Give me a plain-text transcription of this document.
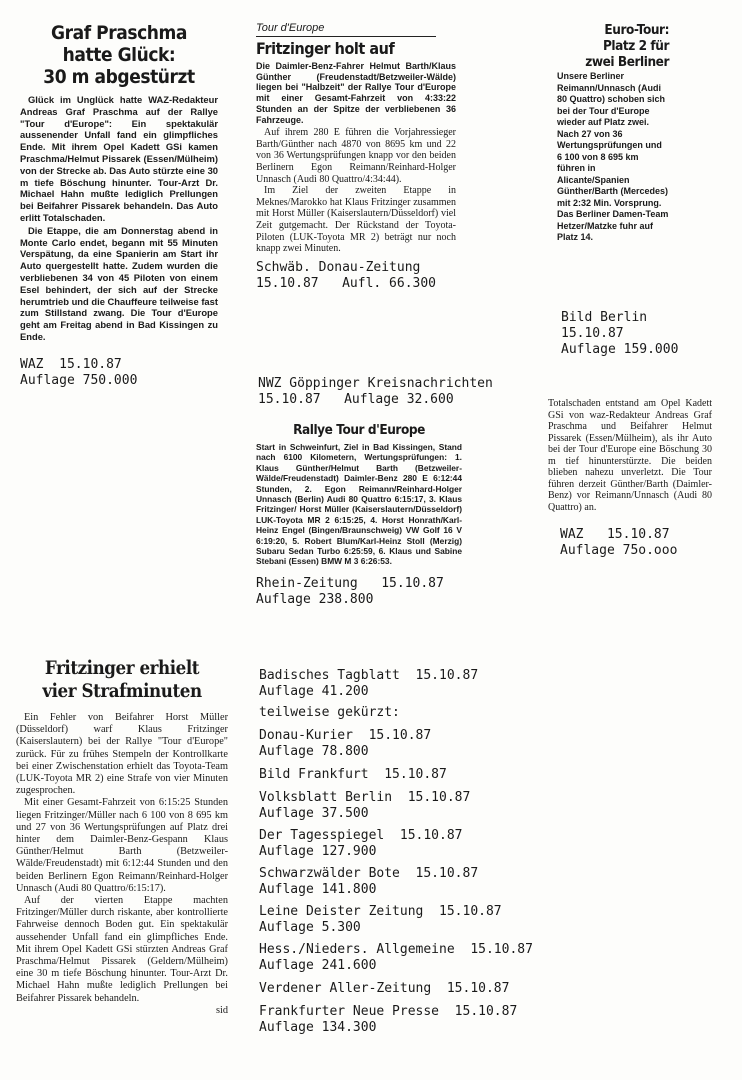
Graf Praschma
hatte Glück:
30 m abgestürzt

Glück im Unglück hatte WAZ-Redakteur Andreas Graf Praschma auf der Rallye "Tour d'Europe": Ein spektakulär aussenender Unfall fand ein glimpfliches Ende. Mit ihrem Opel Kadett GSi kamen Praschma/Helmut Pissarek (Essen/Mülheim) von der Strecke ab. Das Auto stürzte eine 30 m tiefe Böschung hinunter. Tour-Arzt Dr. Michael Hahn mußte lediglich Prellungen bei Beifahrer Pissarek behandeln. Das Auto erlitt Totalschaden.

Die Etappe, die am Donnerstag abend in Monte Carlo endet, begann mit 55 Minuten Verspätung, da eine Spanierin am Start ihr Auto quergestellt hatte. Zudem wurden die verbliebenen 34 von 45 Piloten von einem Esel behindert, der sich auf der Strecke herumtrieb und die Chauffeure teilweise fast zum Stillstand zwang. Die Tour d'Europe geht am Freitag abend in Bad Kissingen zu Ende.

WAZ  15.10.87
Auflage 750.000
Tour d'Europe
Fritzinger holt auf

Die Daimler-Benz-Fahrer Helmut Barth/Klaus Günther (Freudenstadt/Betzweiler-Wälde) liegen bei "Halbzeit" der Rallye Tour d'Europe mit einer Gesamt-Fahrzeit von 4:33:22 Stunden an der Spitze der verbliebenen 36 Fahrzeuge.

Auf ihrem 280 E führen die Vorjahressieger Barth/Günther nach 4870 von 8695 km und 22 von 36 Wertungsprüfungen knapp vor den beiden Berlinern Egon Reimann/Reinhard-Holger Unnasch (Audi 80 Quattro/4:34:44).

Im Ziel der zweiten Etappe in Meknes/Marokko hat Klaus Fritzinger zusammen mit Horst Müller (Kaiserslautern/Düsseldorf) viel Zeit gutgemacht. Der Rückstand der Toyota-Piloten (LUK-Toyota MR 2) beträgt nur noch knapp zwei Minuten.

Schwäb. Donau-Zeitung
15.10.87   Aufl. 66.300
NWZ Göppinger Kreisnachrichten
15.10.87   Auflage 32.600
Euro-Tour:
Platz 2 für
zwei Berliner

Unsere Berliner Reimann/Unnasch (Audi 80 Quattro) schoben sich bei der Tour d'Europe wieder auf Platz zwei. Nach 27 von 36 Wertungsprüfungen und 6 100 von 8 695 km führen in Alicante/Spanien Günther/Barth (Mercedes) mit 2:32 Min. Vorsprung. Das Berliner Damen-Team Hetzer/Matzke fuhr auf Platz 14.

Bild Berlin
15.10.87
Auflage 159.000

Totalschaden entstand am Opel Kadett GSi von waz-Redakteur Andreas Graf Praschma und Beifahrer Helmut Pissarek (Essen/Mülheim), als ihr Auto bei der Tour d'Europe eine Böschung 30 m tief hinunterstürzte. Die beiden blieben nahezu unverletzt. Die Tour führen derzeit Günther/Barth (Daimler-Benz) vor Reimann/Unnasch (Audi 80 Quattro) an.

WAZ   15.10.87
Auflage 75o.ooo
Rallye Tour d'Europe

Start in Schweinfurt, Ziel in Bad Kissingen, Stand nach 6100 Kilometern, Wertungsprüfungen: 1. Klaus Günther/Helmut Barth (Betzweiler-Wälde/Freudenstadt) Daimler-Benz 280 E 6:12:44 Stunden, 2. Egon Reimann/Reinhard-Holger Unnasch (Berlin) Audi 80 Quattro 6:15:17, 3. Klaus Fritzinger/ Horst Müller (Kaiserslautern/Düsseldorf) LUK-Toyota MR 2 6:15:25, 4. Horst Honrath/Karl-Heinz Engel (Bingen/Braunschweig) VW Golf 16 V 6:19:20, 5. Robert Blum/Karl-Heinz Stoll (Merzig) Subaru Sedan Turbo 6:25:59, 6. Klaus und Sabine Stebani (Essen) BMW M 3 6:26:53.

Rhein-Zeitung   15.10.87
Auflage 238.800
Fritzinger erhielt
vier Strafminuten

Ein Fehler von Beifahrer Horst Müller (Düsseldorf) warf Klaus Fritzinger (Kaiserslautern) bei der Rallye "Tour d'Europe" zurück. Für zu frühes Stempeln der Kontrollkarte bei einer Zwischenstation erhielt das Toyota-Team (LUK-Toyota MR 2) eine Strafe von vier Minuten zugesprochen.

Mit einer Gesamt-Fahrzeit von 6:15:25 Stunden liegen Fritzinger/Müller nach 6 100 von 8 695 km und 27 von 36 Wertungsprüfungen auf Platz drei hinter dem Daimler-Benz-Gespann Klaus Günther/Helmut Barth (Betzweiler-Wälde/Freudenstadt) mit 6:12:44 Stunden und den beiden Berlinern Egon Reimann/Reinhard-Holger Unnasch (Audi 80 Quattro/6:15:17).

Auf der vierten Etappe machten Fritzinger/Müller durch riskante, aber kontrollierte Fahrweise dennoch Boden gut. Ein spektakulär aussehender Unfall fand ein glimpfliches Ende. Mit ihrem Opel Kadett GSi stürzten Andreas Graf Praschma/Helmut Pissarek (Geldern/Mülheim) eine 30 m tiefe Böschung hinunter. Tour-Arzt Dr. Michael Hahn mußte lediglich Prellungen bei Beifahrer Pissarek behandeln.

sid
Badisches Tagblatt  15.10.87
Auflage 41.200
teilweise gekürzt:
Donau-Kurier  15.10.87
Auflage 78.800
Bild Frankfurt  15.10.87
Volksblatt Berlin  15.10.87
Auflage 37.500
Der Tagesspiegel  15.10.87
Auflage 127.900
Schwarzwälder Bote  15.10.87
Auflage 141.800
Leine Deister Zeitung  15.10.87
Auflage 5.300
Hess./Nieders. Allgemeine  15.10.87
Auflage 241.600
Verdener Aller-Zeitung  15.10.87
Frankfurter Neue Presse  15.10.87
Auflage 134.300
